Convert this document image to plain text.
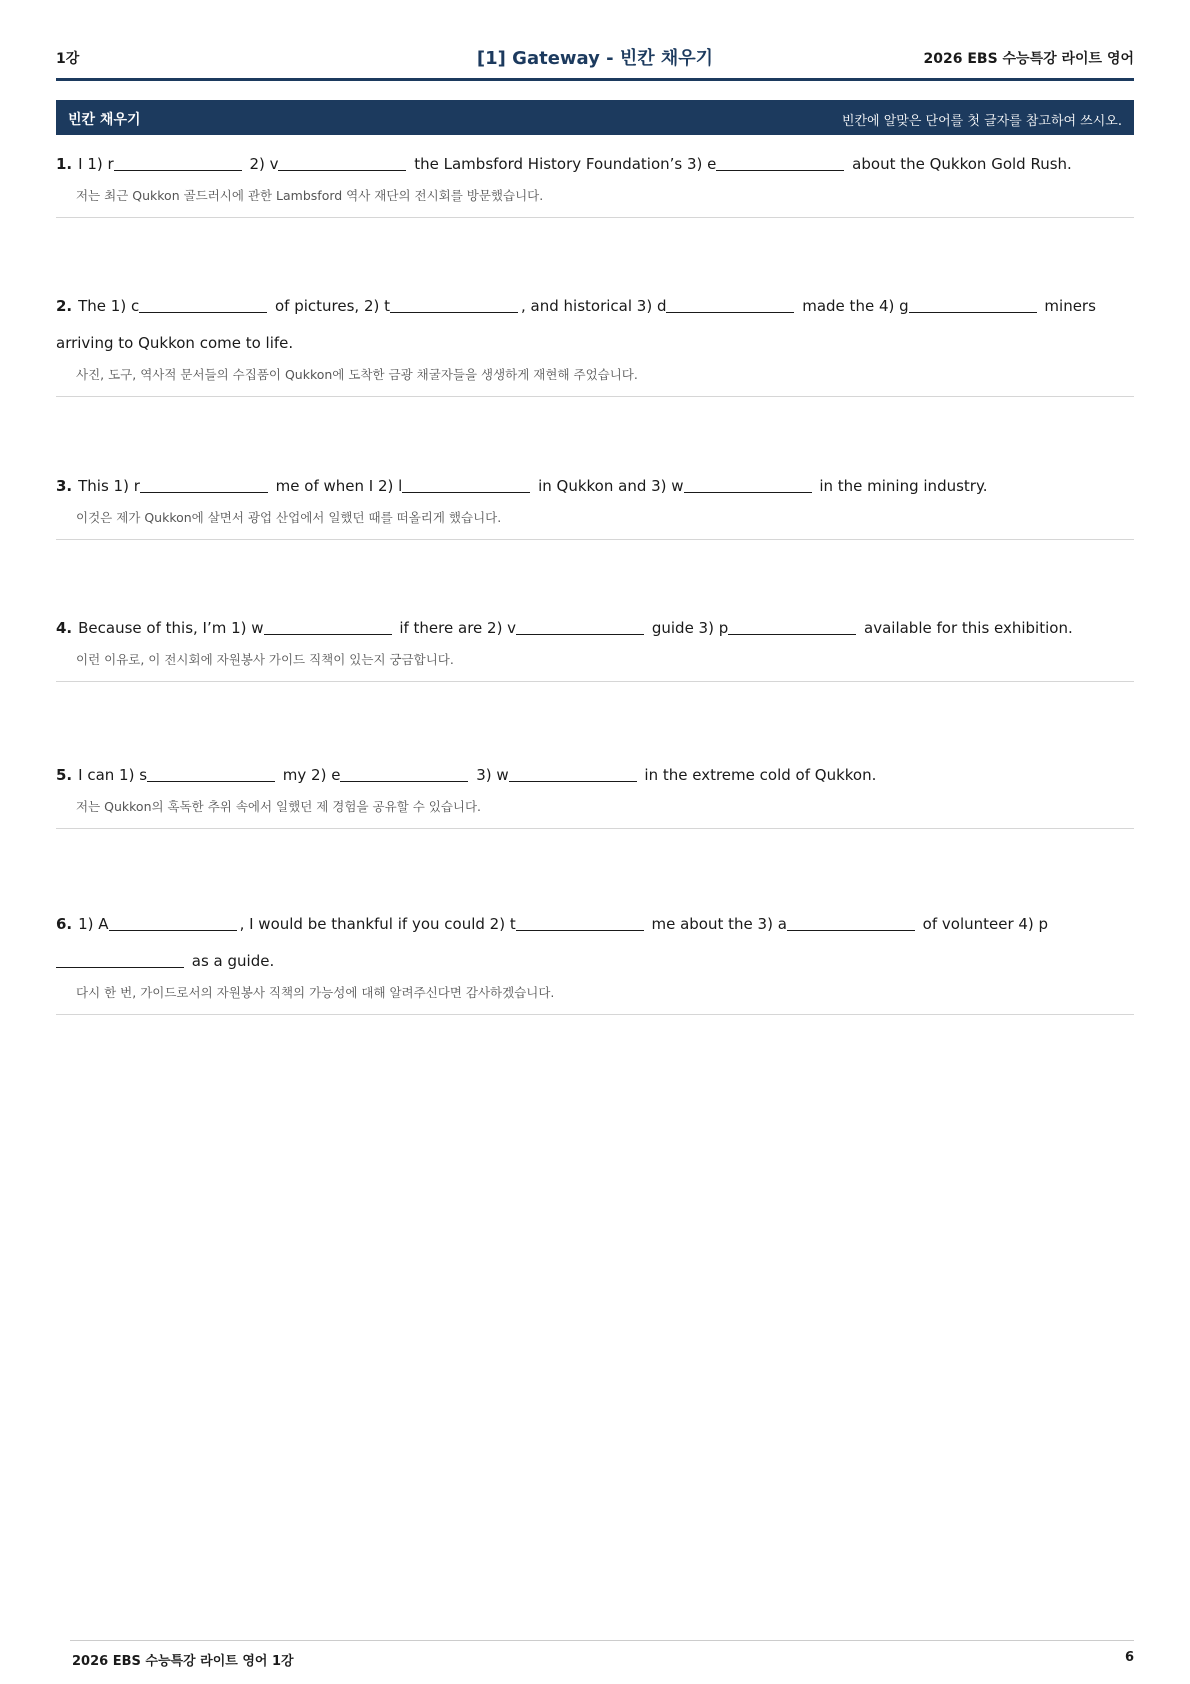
1강	[1] Gateway - 빈칸 채우기	2026 EBS 수능특강 라이트 영어
빈칸 채우기	빈칸에 알맞은 단어를 첫 글자를 참고하여 쓰시오.
1. I 1) r	2) v	the Lambsford History Foundation’s 3) e	about the Qukkon Gold Rush.
저는 최근 Qukkon 골드러시에 관한 Lambsford 역사 재단의 전시회를 방문했습니다.
2. The 1) c	of pictures, 2) t	, and historical 3) d	made the 4) g	miners arriving to Qukkon come to life.
사진, 도구, 역사적 문서들의 수집품이 Qukkon에 도착한 금광 채굴자들을 생생하게 재현해 주었습니다.
3. This 1) r	me of when I 2) l	in Qukkon and 3) w	in the mining industry.
이것은 제가 Qukkon에 살면서 광업 산업에서 일했던 때를 떠올리게 했습니다.
4. Because of this, I’m 1) w	if there are 2) v	guide 3) p	available for this exhibition.
이런 이유로, 이 전시회에 자원봉사 가이드 직책이 있는지 궁금합니다.
5. I can 1) s	my 2) e	3) w	in the extreme cold of Qukkon.
저는 Qukkon의 혹독한 추위 속에서 일했던 제 경험을 공유할 수 있습니다.
6. 1) A	, I would be thankful if you could 2) t	me about the 3) a	of volunteer 4) p as a guide.
다시 한 번, 가이드로서의 자원봉사 직책의 가능성에 대해 알려주신다면 감사하겠습니다.
2026 EBS 수능특강 라이트 영어 1강	6
